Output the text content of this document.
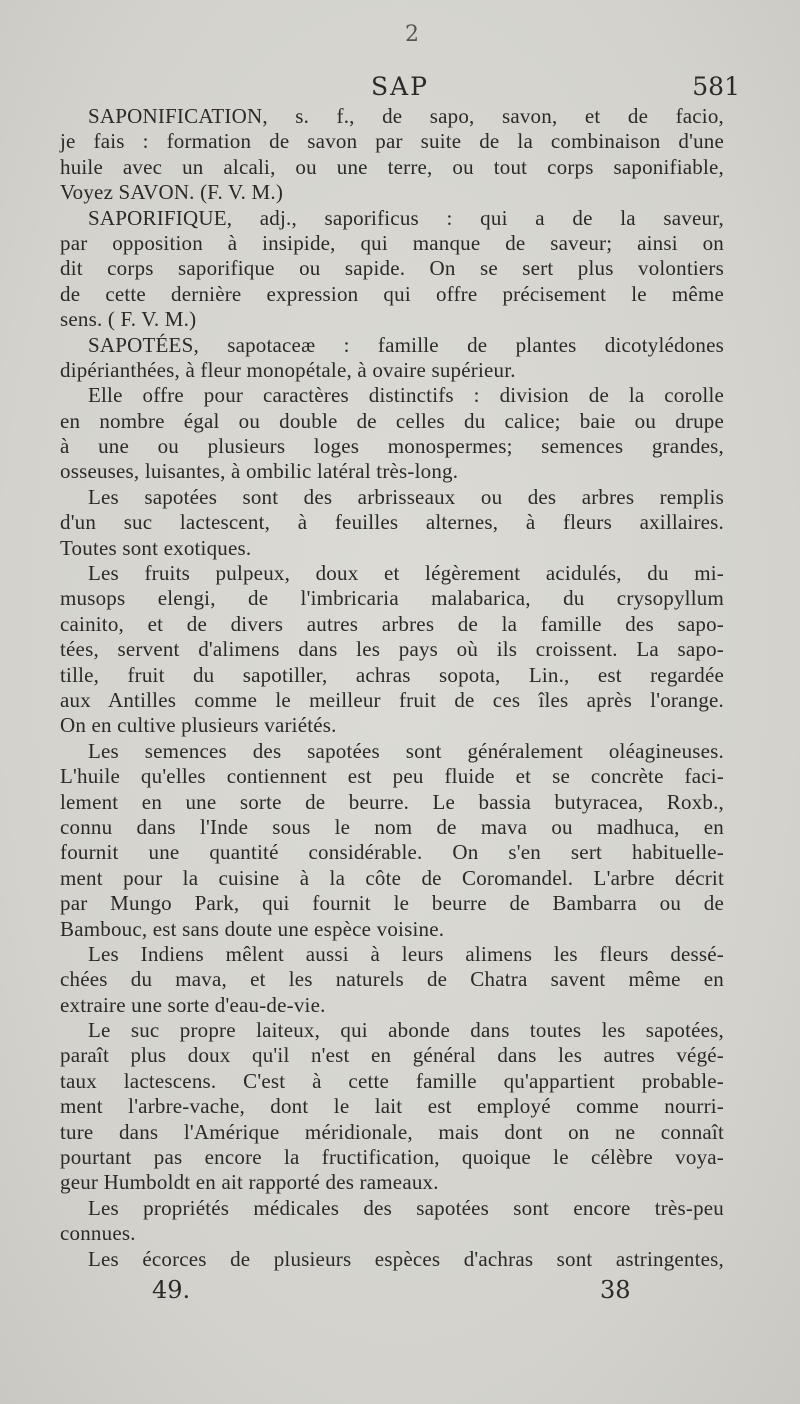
2
SAP	581
SAPONIFICATION, s. f., de sapo, savon, et de facio,
je fais : formation de savon par suite de la combinaison d'une
huile avec un alcali, ou une terre, ou tout corps saponifiable,
Voyez SAVON. (F. V. M.)
SAPORIFIQUE, adj., saporificus : qui a de la saveur,
par opposition à insipide, qui manque de saveur; ainsi on
dit corps saporifique ou sapide. On se sert plus volontiers
de cette dernière expression qui offre précisement le même
sens. ( F. V. M.)
SAPOTÉES, sapotaceæ : famille de plantes dicotylédones
dipérianthées, à fleur monopétale, à ovaire supérieur.
Elle offre pour caractères distinctifs : division de la corolle
en nombre égal ou double de celles du calice; baie ou drupe
à une ou plusieurs loges monospermes; semences grandes,
osseuses, luisantes, à ombilic latéral très-long.
Les sapotées sont des arbrisseaux ou des arbres remplis
d'un suc lactescent, à feuilles alternes, à fleurs axillaires.
Toutes sont exotiques.
Les fruits pulpeux, doux et légèrement acidulés, du mi-
musops elengi, de l'imbricaria malabarica, du crysopyllum
cainito, et de divers autres arbres de la famille des sapo-
tées, servent d'alimens dans les pays où ils croissent. La sapo-
tille, fruit du sapotiller, achras sopota, Lin., est regardée
aux Antilles comme le meilleur fruit de ces îles après l'orange.
On en cultive plusieurs variétés.
Les semences des sapotées sont généralement oléagineuses.
L'huile qu'elles contiennent est peu fluide et se concrète faci-
lement en une sorte de beurre. Le bassia butyracea, Roxb.,
connu dans l'Inde sous le nom de mava ou madhuca, en
fournit une quantité considérable. On s'en sert habituelle-
ment pour la cuisine à la côte de Coromandel. L'arbre décrit
par Mungo Park, qui fournit le beurre de Bambarra ou de
Bambouc, est sans doute une espèce voisine.
Les Indiens mêlent aussi à leurs alimens les fleurs dessé-
chées du mava, et les naturels de Chatra savent même en
extraire une sorte d'eau-de-vie.
Le suc propre laiteux, qui abonde dans toutes les sapotées,
paraît plus doux qu'il n'est en général dans les autres végé-
taux lactescens. C'est à cette famille qu'appartient probable-
ment l'arbre-vache, dont le lait est employé comme nourri-
ture dans l'Amérique méridionale, mais dont on ne connaît
pourtant pas encore la fructification, quoique le célèbre voya-
geur Humboldt en ait rapporté des rameaux.
Les propriétés médicales des sapotées sont encore très-peu
connues.
Les écorces de plusieurs espèces d'achras sont astringentes,
49.	38
